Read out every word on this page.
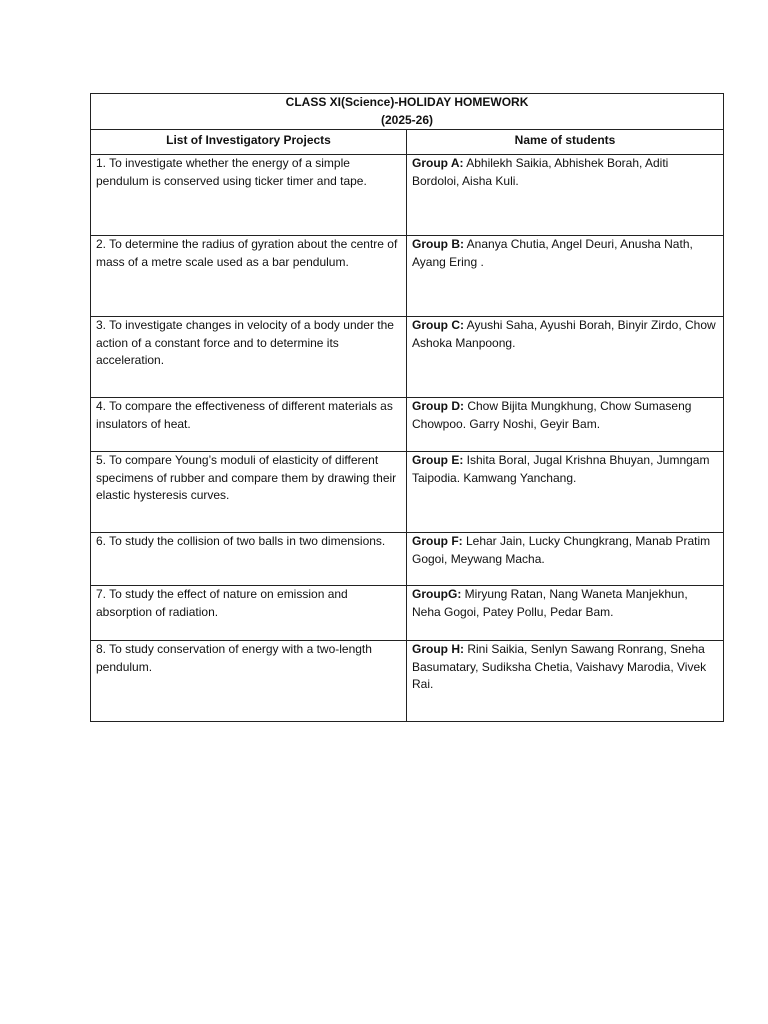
CLASS XI(Science)-HOLIDAY HOMEWORK
(2025-26)	

List of Investigatory Projects	Name of students
1. To investigate whether the energy of a simple pendulum is conserved using ticker timer and tape.	Group A: Abhilekh Saikia, Abhishek Borah, Aditi Bordoloi, Aisha Kuli.
2. To determine the radius of gyration about the centre of mass of a metre scale used as a bar pendulum.	Group B: Ananya Chutia, Angel Deuri, Anusha Nath, Ayang Ering .
3. To investigate changes in velocity of a body under the action of a constant force and to determine its acceleration.	Group C: Ayushi Saha, Ayushi Borah, Binyir Zirdo, Chow Ashoka Manpoong.
4. To compare the effectiveness of different materials as insulators of heat.	Group D: Chow Bijita Mungkhung, Chow Sumaseng Chowpoo. Garry Noshi, Geyir Bam.
5. To compare Young’s moduli of elasticity of different specimens of rubber and compare them by drawing their elastic hysteresis curves.	Group E: Ishita Boral, Jugal Krishna Bhuyan, Jumngam Taipodia. Kamwang Yanchang.
6. To study the collision of two balls in two dimensions.	Group F: Lehar Jain, Lucky Chungkrang, Manab Pratim Gogoi, Meywang Macha.
7. To study the effect of nature on emission and absorption of radiation.	GroupG: Miryung Ratan, Nang Waneta Manjekhun, Neha Gogoi, Patey Pollu, Pedar Bam.
8. To study conservation of energy with a two-length pendulum.	Group H: Rini Saikia, Senlyn Sawang Ronrang, Sneha Basumatary, Sudiksha Chetia, Vaishavy Marodia, Vivek Rai.
